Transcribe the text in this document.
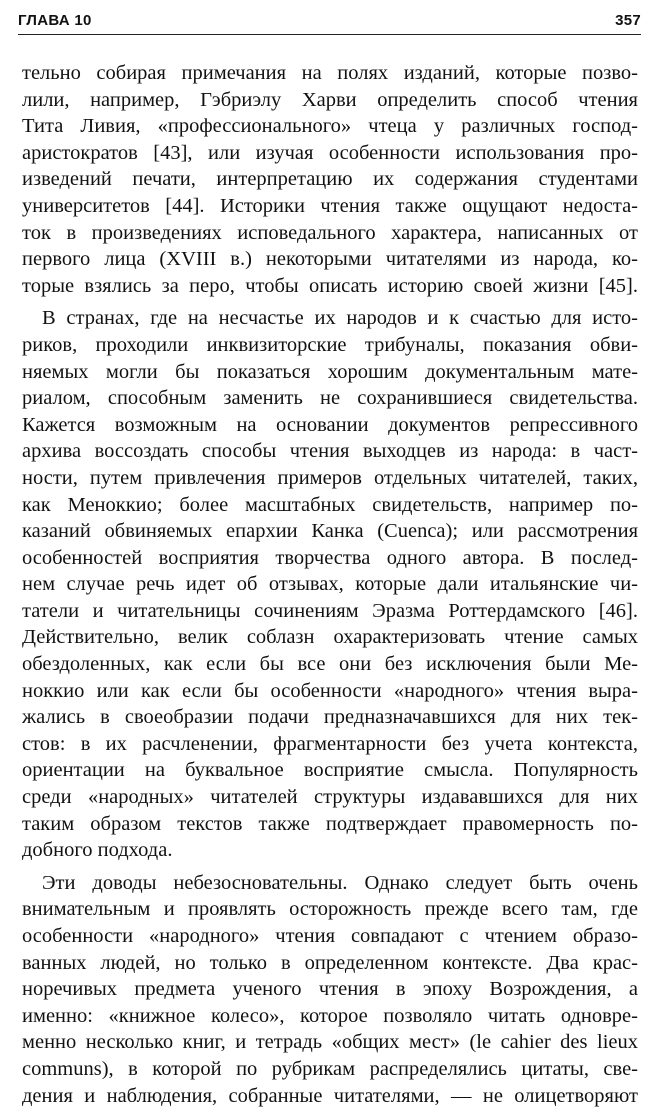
ГЛАВА 10	357
тельно собирая примечания на полях изданий, которые позво-
лили, например, Гэбриэлу Харви определить способ чтения
Тита Ливия, «профессионального» чтеца у различных господ-
аристократов [43], или изучая особенности использования про-
изведений печати, интерпретацию их содержания студентами
университетов [44]. Историки чтения также ощущают недоста-
ток в произведениях исповедального характера, написанных от
первого лица (XVIII в.) некоторыми читателями из народа, ко-
торые взялись за перо, чтобы описать историю своей жизни [45].
В странах, где на несчастье их народов и к счастью для исто-
риков, проходили инквизиторские трибуналы, показания обви-
няемых могли бы показаться хорошим документальным мате-
риалом, способным заменить не сохранившиеся свидетельства.
Кажется возможным на основании документов репрессивного
архива воссоздать способы чтения выходцев из народа: в част-
ности, путем привлечения примеров отдельных читателей, таких,
как Меноккио; более масштабных свидетельств, например по-
казаний обвиняемых епархии Канка (Cuenca); или рассмотрения
особенностей восприятия творчества одного автора. В послед-
нем случае речь идет об отзывах, которые дали итальянские чи-
татели и читательницы сочинениям Эразма Роттердамского [46].
Действительно, велик соблазн охарактеризовать чтение самых
обездоленных, как если бы все они без исключения были Ме-
ноккио или как если бы особенности «народного» чтения выра-
жались в своеобразии подачи предназначавшихся для них тек-
стов: в их расчленении, фрагментарности без учета контекста,
ориентации на буквальное восприятие смысла. Популярность
среди «народных» читателей структуры издававшихся для них
таким образом текстов также подтверждает правомерность по-
добного подхода.
Эти доводы небезосновательны. Однако следует быть очень
внимательным и проявлять осторожность прежде всего там, где
особенности «народного» чтения совпадают с чтением образо-
ванных людей, но только в определенном контексте. Два крас-
норечивых предмета ученого чтения в эпоху Возрождения, а
именно: «книжное колесо», которое позволяло читать одновре-
менно несколько книг, и тетрадь «общих мест» (le cahier des lieux
communs), в которой по рубрикам распределялись цитаты, све-
дения и наблюдения, собранные читателями, — не олицетворяют
